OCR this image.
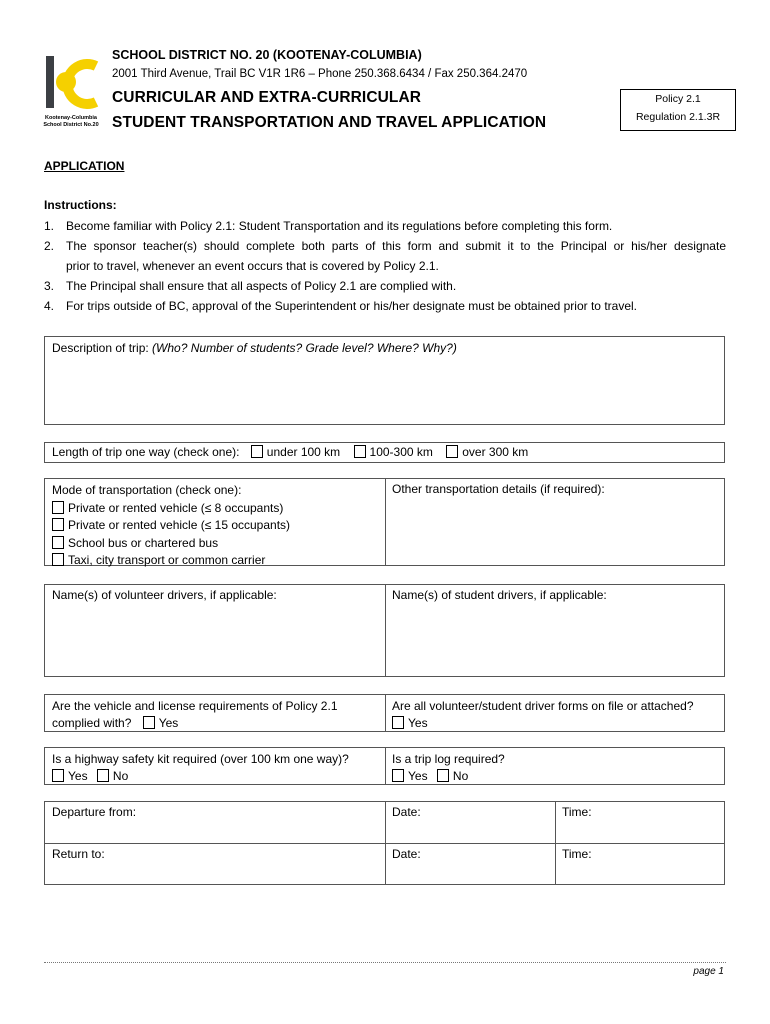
Kootenay-Columbia School District No.20
SCHOOL DISTRICT NO. 20 (KOOTENAY-COLUMBIA)
2001 Third Avenue, Trail BC V1R 1R6 – Phone 250.368.6434 / Fax 250.364.2470
CURRICULAR AND EXTRA-CURRICULAR
STUDENT TRANSPORTATION AND TRAVEL APPLICATION
Policy 2.1
Regulation 2.1.3R
APPLICATION
Instructions:
1. Become familiar with Policy 2.1: Student Transportation and its regulations before completing this form.
2. The sponsor teacher(s) should complete both parts of this form and submit it to the Principal or his/her designate
prior to travel, whenever an event occurs that is covered by Policy 2.1.
3. The Principal shall ensure that all aspects of Policy 2.1 are complied with.
4. For trips outside of BC, approval of the Superintendent or his/her designate must be obtained prior to travel.
Description of trip: (Who? Number of students? Grade level? Where? Why?)
Length of trip one way (check one): under 100 km 100-300 km over 300 km
Mode of transportation (check one):
Private or rented vehicle (≤ 8 occupants)
Private or rented vehicle (≤ 15 occupants)
School bus or chartered bus
Taxi, city transport or common carrier
Other transportation details (if required):
Name(s) of volunteer drivers, if applicable:	Name(s) of student drivers, if applicable:
Are the vehicle and license requirements of Policy 2.1
complied with? Yes
Are all volunteer/student driver forms on file or attached?
Yes
Is a highway safety kit required (over 100 km one way)?
Yes No
Is a trip log required?
Yes No
Departure from:	Date:	Time:
Return to:	Date:	Time:
page 1
